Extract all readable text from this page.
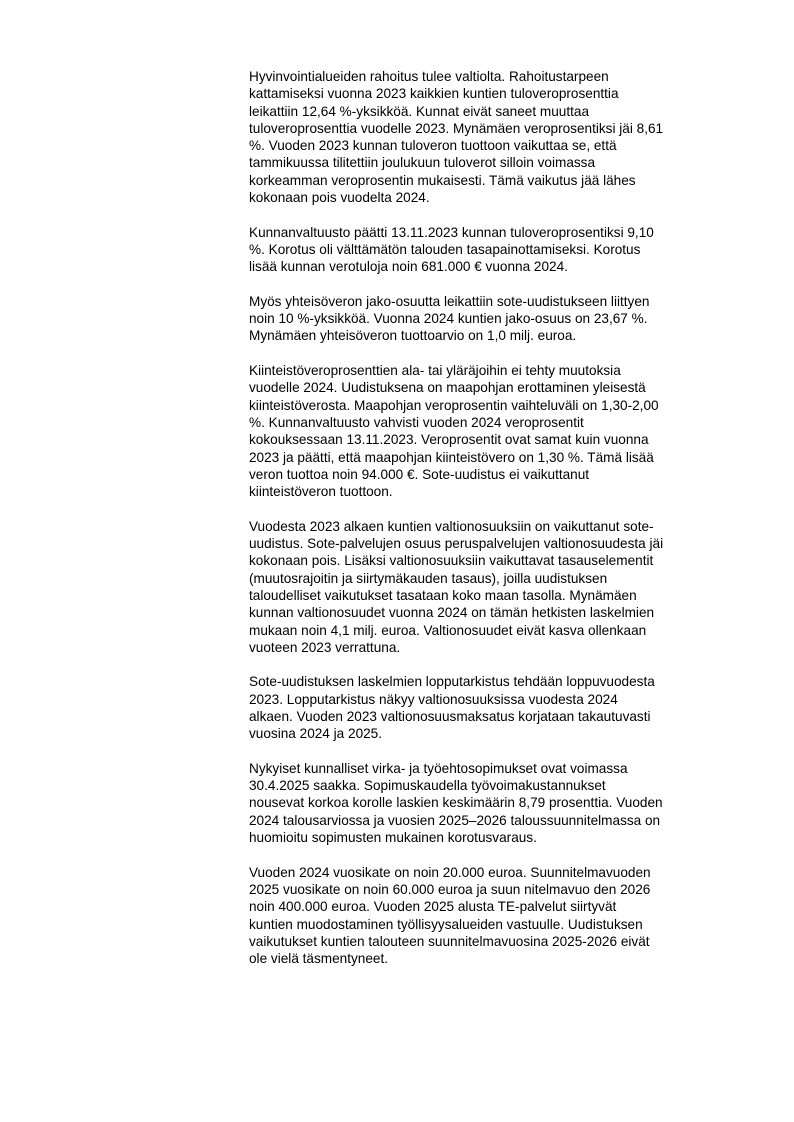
Hyvinvointialueiden rahoitus tulee valtiolta. Rahoitustarpeen
kattamiseksi vuonna 2023 kaikkien kuntien tuloveroprosenttia
leikattiin 12,64 %-yksikköä. Kunnat eivät saneet muuttaa
tuloveroprosenttia vuodelle 2023. Mynämäen veroprosentiksi jäi 8,61
%. Vuoden 2023 kunnan tuloveron tuottoon vaikuttaa se, että
tammikuussa tilitettiin joulukuun tuloverot silloin voimassa
korkeamman veroprosentin mukaisesti. Tämä vaikutus jää lähes
kokonaan pois vuodelta 2024.

Kunnanvaltuusto päätti 13.11.2023 kunnan tuloveroprosentiksi 9,10
%. Korotus oli välttämätön talouden tasapainottamiseksi. Korotus
lisää kunnan verotuloja noin 681.000 € vuonna 2024.

Myös yhteisöveron jako-osuutta leikattiin sote-uudistukseen liittyen
noin 10 %-yksikköä. Vuonna 2024 kuntien jako-osuus on 23,67 %.
Mynämäen yhteisöveron tuottoarvio on 1,0 milj. euroa.

Kiinteistöveroprosenttien ala- tai yläräjoihin ei tehty muutoksia
vuodelle 2024. Uudistuksena on maapohjan erottaminen yleisestä
kiinteistöverosta. Maapohjan veroprosentin vaihteluväli on 1,30-2,00
%. Kunnanvaltuusto vahvisti vuoden 2024 veroprosentit
kokouksessaan 13.11.2023. Veroprosentit ovat samat kuin vuonna
2023 ja päätti, että maapohjan kiinteistövero on 1,30 %. Tämä lisää
veron tuottoa noin 94.000 €. Sote-uudistus ei vaikuttanut
kiinteistöveron tuottoon.

Vuodesta 2023 alkaen kuntien valtionosuuksiin on vaikuttanut sote-
uudistus. Sote-palvelujen osuus peruspalvelujen valtionosuudesta jäi
kokonaan pois. Lisäksi valtionosuuksiin vaikuttavat tasauselementit
(muutosrajoitin ja siirtymäkauden tasaus), joilla uudistuksen
taloudelliset vaikutukset tasataan koko maan tasolla. Mynämäen
kunnan valtionosuudet vuonna 2024 on tämän hetkisten laskelmien
mukaan noin 4,1 milj. euroa. Valtionosuudet eivät kasva ollenkaan
vuoteen 2023 verrattuna.

Sote-uudistuksen laskelmien lopputarkistus tehdään loppuvuodesta
2023. Lopputarkistus näkyy valtionosuuksissa vuodesta 2024
alkaen. Vuoden 2023 valtionosuusmaksatus korjataan takautuvasti
vuosina 2024 ja 2025.

Nykyiset kunnalliset virka- ja työehtosopimukset ovat voimassa
30.4.2025 saakka. Sopimuskaudella työvoimakustannukset
nousevat korkoa korolle laskien keskimäärin 8,79 prosenttia. Vuoden
2024 talousarviossa ja vuosien 2025–2026 taloussuunnitelmassa on
huomioitu sopimusten mukainen korotusvaraus.

Vuoden 2024 vuosikate on noin 20.000 euroa. Suunnitelmavuoden
2025 vuosikate on noin 60.000 euroa ja suun nitelmavuo den 2026
noin 400.000 euroa. Vuoden 2025 alusta TE-palvelut siirtyvät
kuntien muodostaminen työllisyysalueiden vastuulle. Uudistuksen
vaikutukset kuntien talouteen suunnitelmavuosina 2025-2026 eivät
ole vielä täsmentyneet.
